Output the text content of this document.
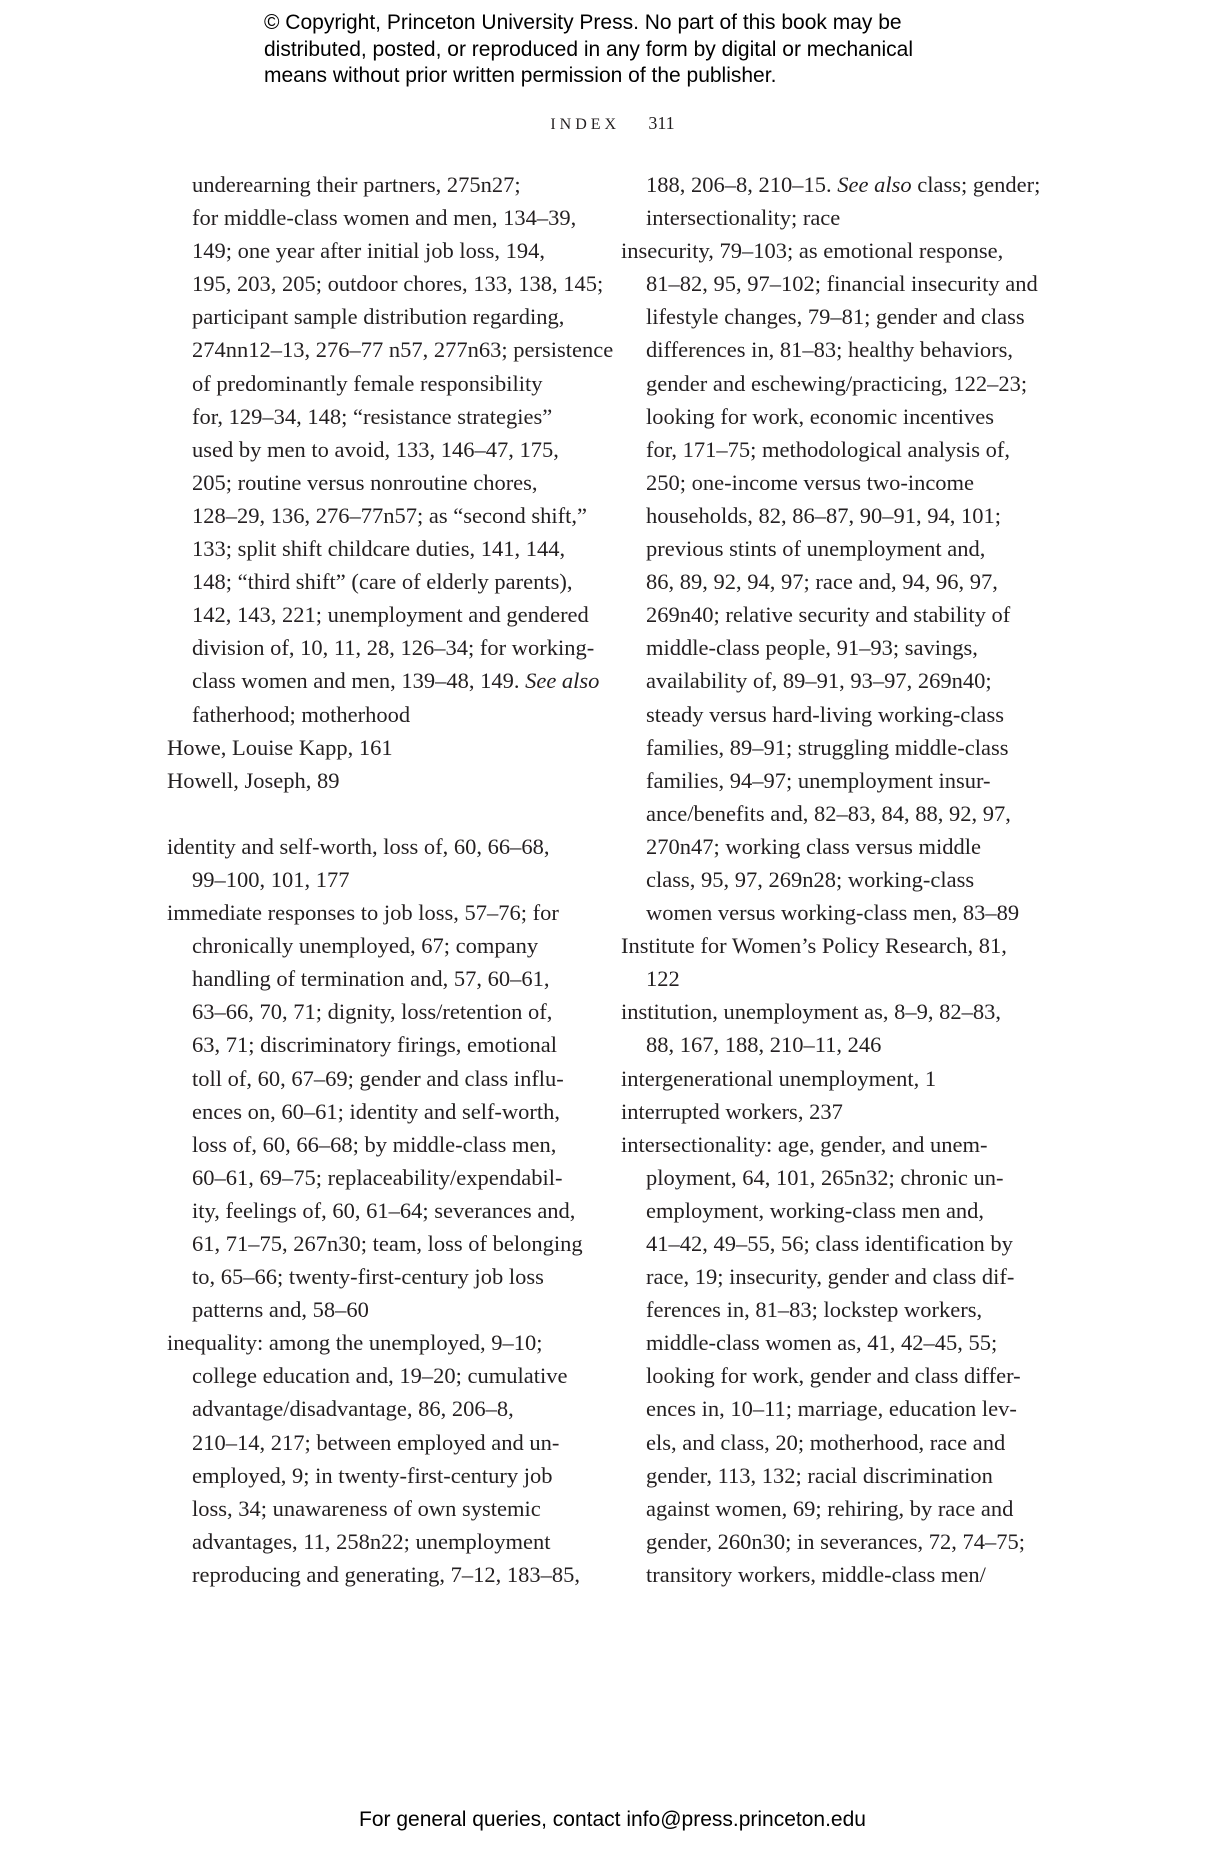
© Copyright, Princeton University Press. No part of this book may be
distributed, posted, or reproduced in any form by digital or mechanical
means without prior written permission of the publisher.
INDEX 311
underearning their partners, 275n27;
for middle-class women and men, 134–39,
149; one year after initial job loss, 194,
195, 203, 205; outdoor chores, 133, 138, 145;
participant sample distribution regarding,
274nn12–13, 276–77 n57, 277n63; persistence
of predominantly female responsibility
for, 129–34, 148; “resistance strategies”
used by men to avoid, 133, 146–47, 175,
205; routine versus nonroutine chores,
128–29, 136, 276–77n57; as “second shift,”
133; split shift childcare duties, 141, 144,
148; “third shift” (care of elderly parents),
142, 143, 221; unemployment and gendered
division of, 10, 11, 28, 126–34; for working-
class women and men, 139–48, 149. See also
fatherhood; motherhood
Howe, Louise Kapp, 161
Howell, Joseph, 89
identity and self-worth, loss of, 60, 66–68,
99–100, 101, 177
immediate responses to job loss, 57–76; for
chronically unemployed, 67; company
handling of termination and, 57, 60–61,
63–66, 70, 71; dignity, loss/retention of,
63, 71; discriminatory firings, emotional
toll of, 60, 67–69; gender and class influ-
ences on, 60–61; identity and self-worth,
loss of, 60, 66–68; by middle-class men,
60–61, 69–75; replaceability/expendabil-
ity, feelings of, 60, 61–64; severances and,
61, 71–75, 267n30; team, loss of belonging
to, 65–66; twenty-first-century job loss
patterns and, 58–60
inequality: among the unemployed, 9–10;
college education and, 19–20; cumulative
advantage/disadvantage, 86, 206–8,
210–14, 217; between employed and un-
employed, 9; in twenty-first-century job
loss, 34; unawareness of own systemic
advantages, 11, 258n22; unemployment
reproducing and generating, 7–12, 183–85,
188, 206–8, 210–15. See also class; gender;
intersectionality; race
insecurity, 79–103; as emotional response,
81–82, 95, 97–102; financial insecurity and
lifestyle changes, 79–81; gender and class
differences in, 81–83; healthy behaviors,
gender and eschewing/practicing, 122–23;
looking for work, economic incentives
for, 171–75; methodological analysis of,
250; one-income versus two-income
households, 82, 86–87, 90–91, 94, 101;
previous stints of unemployment and,
86, 89, 92, 94, 97; race and, 94, 96, 97,
269n40; relative security and stability of
middle-class people, 91–93; savings,
availability of, 89–91, 93–97, 269n40;
steady versus hard-living working-class
families, 89–91; struggling middle-class
families, 94–97; unemployment insur-
ance/benefits and, 82–83, 84, 88, 92, 97,
270n47; working class versus middle
class, 95, 97, 269n28; working-class
women versus working-class men, 83–89
Institute for Women’s Policy Research, 81,
122
institution, unemployment as, 8–9, 82–83,
88, 167, 188, 210–11, 246
intergenerational unemployment, 1
interrupted workers, 237
intersectionality: age, gender, and unem-
ployment, 64, 101, 265n32; chronic un-
employment, working-class men and,
41–42, 49–55, 56; class identification by
race, 19; insecurity, gender and class dif-
ferences in, 81–83; lockstep workers,
middle-class women as, 41, 42–45, 55;
looking for work, gender and class differ-
ences in, 10–11; marriage, education lev-
els, and class, 20; motherhood, race and
gender, 113, 132; racial discrimination
against women, 69; rehiring, by race and
gender, 260n30; in severances, 72, 74–75;
transitory workers, middle-class men/
For general queries, contact info@press.princeton.edu
